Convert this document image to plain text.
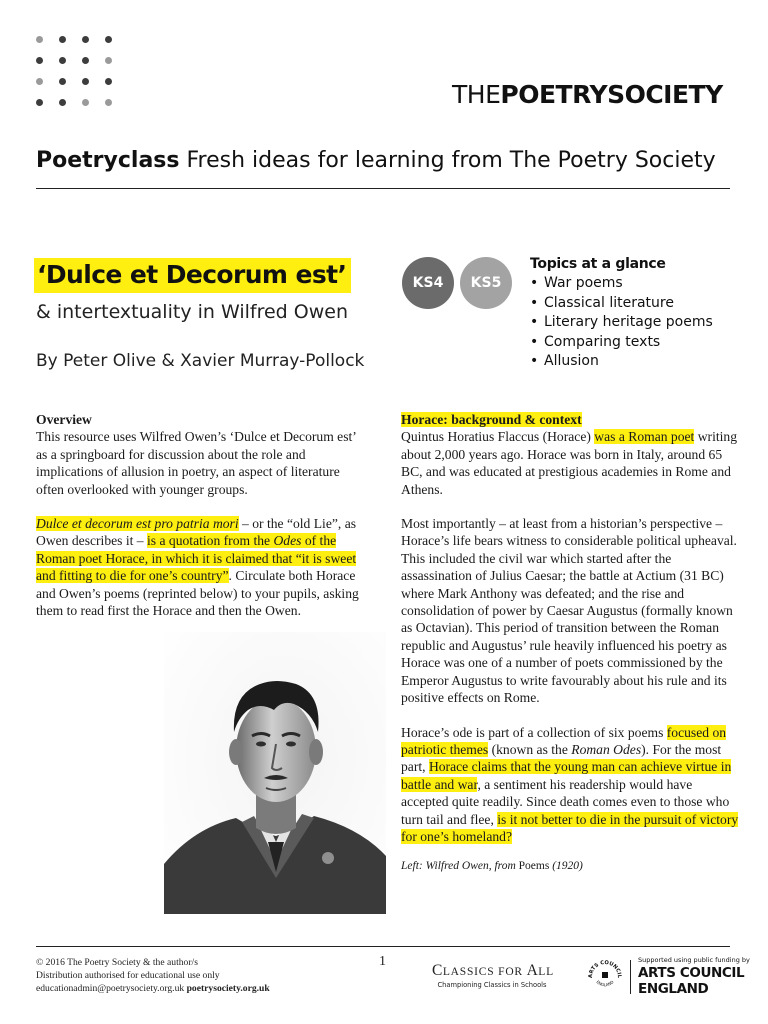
THEPOETRYSOCIETY
Poetryclass Fresh ideas for learning from The Poetry Society
‘Dulce et Decorum est’
& intertextuality in Wilfred Owen
By Peter Olive & Xavier Murray-Pollock
KS4	KS5
Topics at a glance
• War poems
• Classical literature
• Literary heritage poems
• Comparing texts
• Allusion

Overview
This resource uses Wilfred Owen’s ‘Dulce et Decorum est’ as a springboard for discussion about the role and implications of allusion in poetry, an aspect of literature often overlooked with younger groups.

Dulce et decorum est pro patria mori – or the “old Lie”, as Owen describes it – is a quotation from the Odes of the Roman poet Horace, in which it is claimed that “it is sweet and fitting to die for one’s country”. Circulate both Horace and Owen’s poems (reprinted below) to your pupils, asking them to read first the Horace and then the Owen.

Horace: background & context
Quintus Horatius Flaccus (Horace) was a Roman poet writing about 2,000 years ago. Horace was born in Italy, around 65 BC, and was educated at prestigious academies in Rome and Athens.

Most importantly – at least from a historian’s perspective – Horace’s life bears witness to considerable political upheaval. This included the civil war which started after the assassination of Julius Caesar; the battle at Actium (31 BC) where Mark Anthony was defeated; and the rise and consolidation of power by Caesar Augustus (formally known as Octavian). This period of transition between the Roman republic and Augustus’ rule heavily influenced his poetry as Horace was one of a number of poets commissioned by the Emperor Augustus to write favourably about his rule and its positive effects on Rome.

Horace’s ode is part of a collection of six poems focused on patriotic themes (known as the Roman Odes). For the most part, Horace claims that the young man can achieve virtue in battle and war, a sentiment his readership would have accepted quite readily. Since death comes even to those who turn tail and flee, is it not better to die in the pursuit of victory for one’s homeland?

Left: Wilfred Owen, from Poems (1920)

© 2016 The Poetry Society & the author/s
Distribution authorised for educational use only
educationadmin@poetrysociety.org.uk poetrysociety.org.uk
1
CLASSICS FOR ALL
Championing Classics in Schools
ARTS COUNCIL
ENGLAND
Supported using public funding by
ARTS COUNCIL
ENGLAND
